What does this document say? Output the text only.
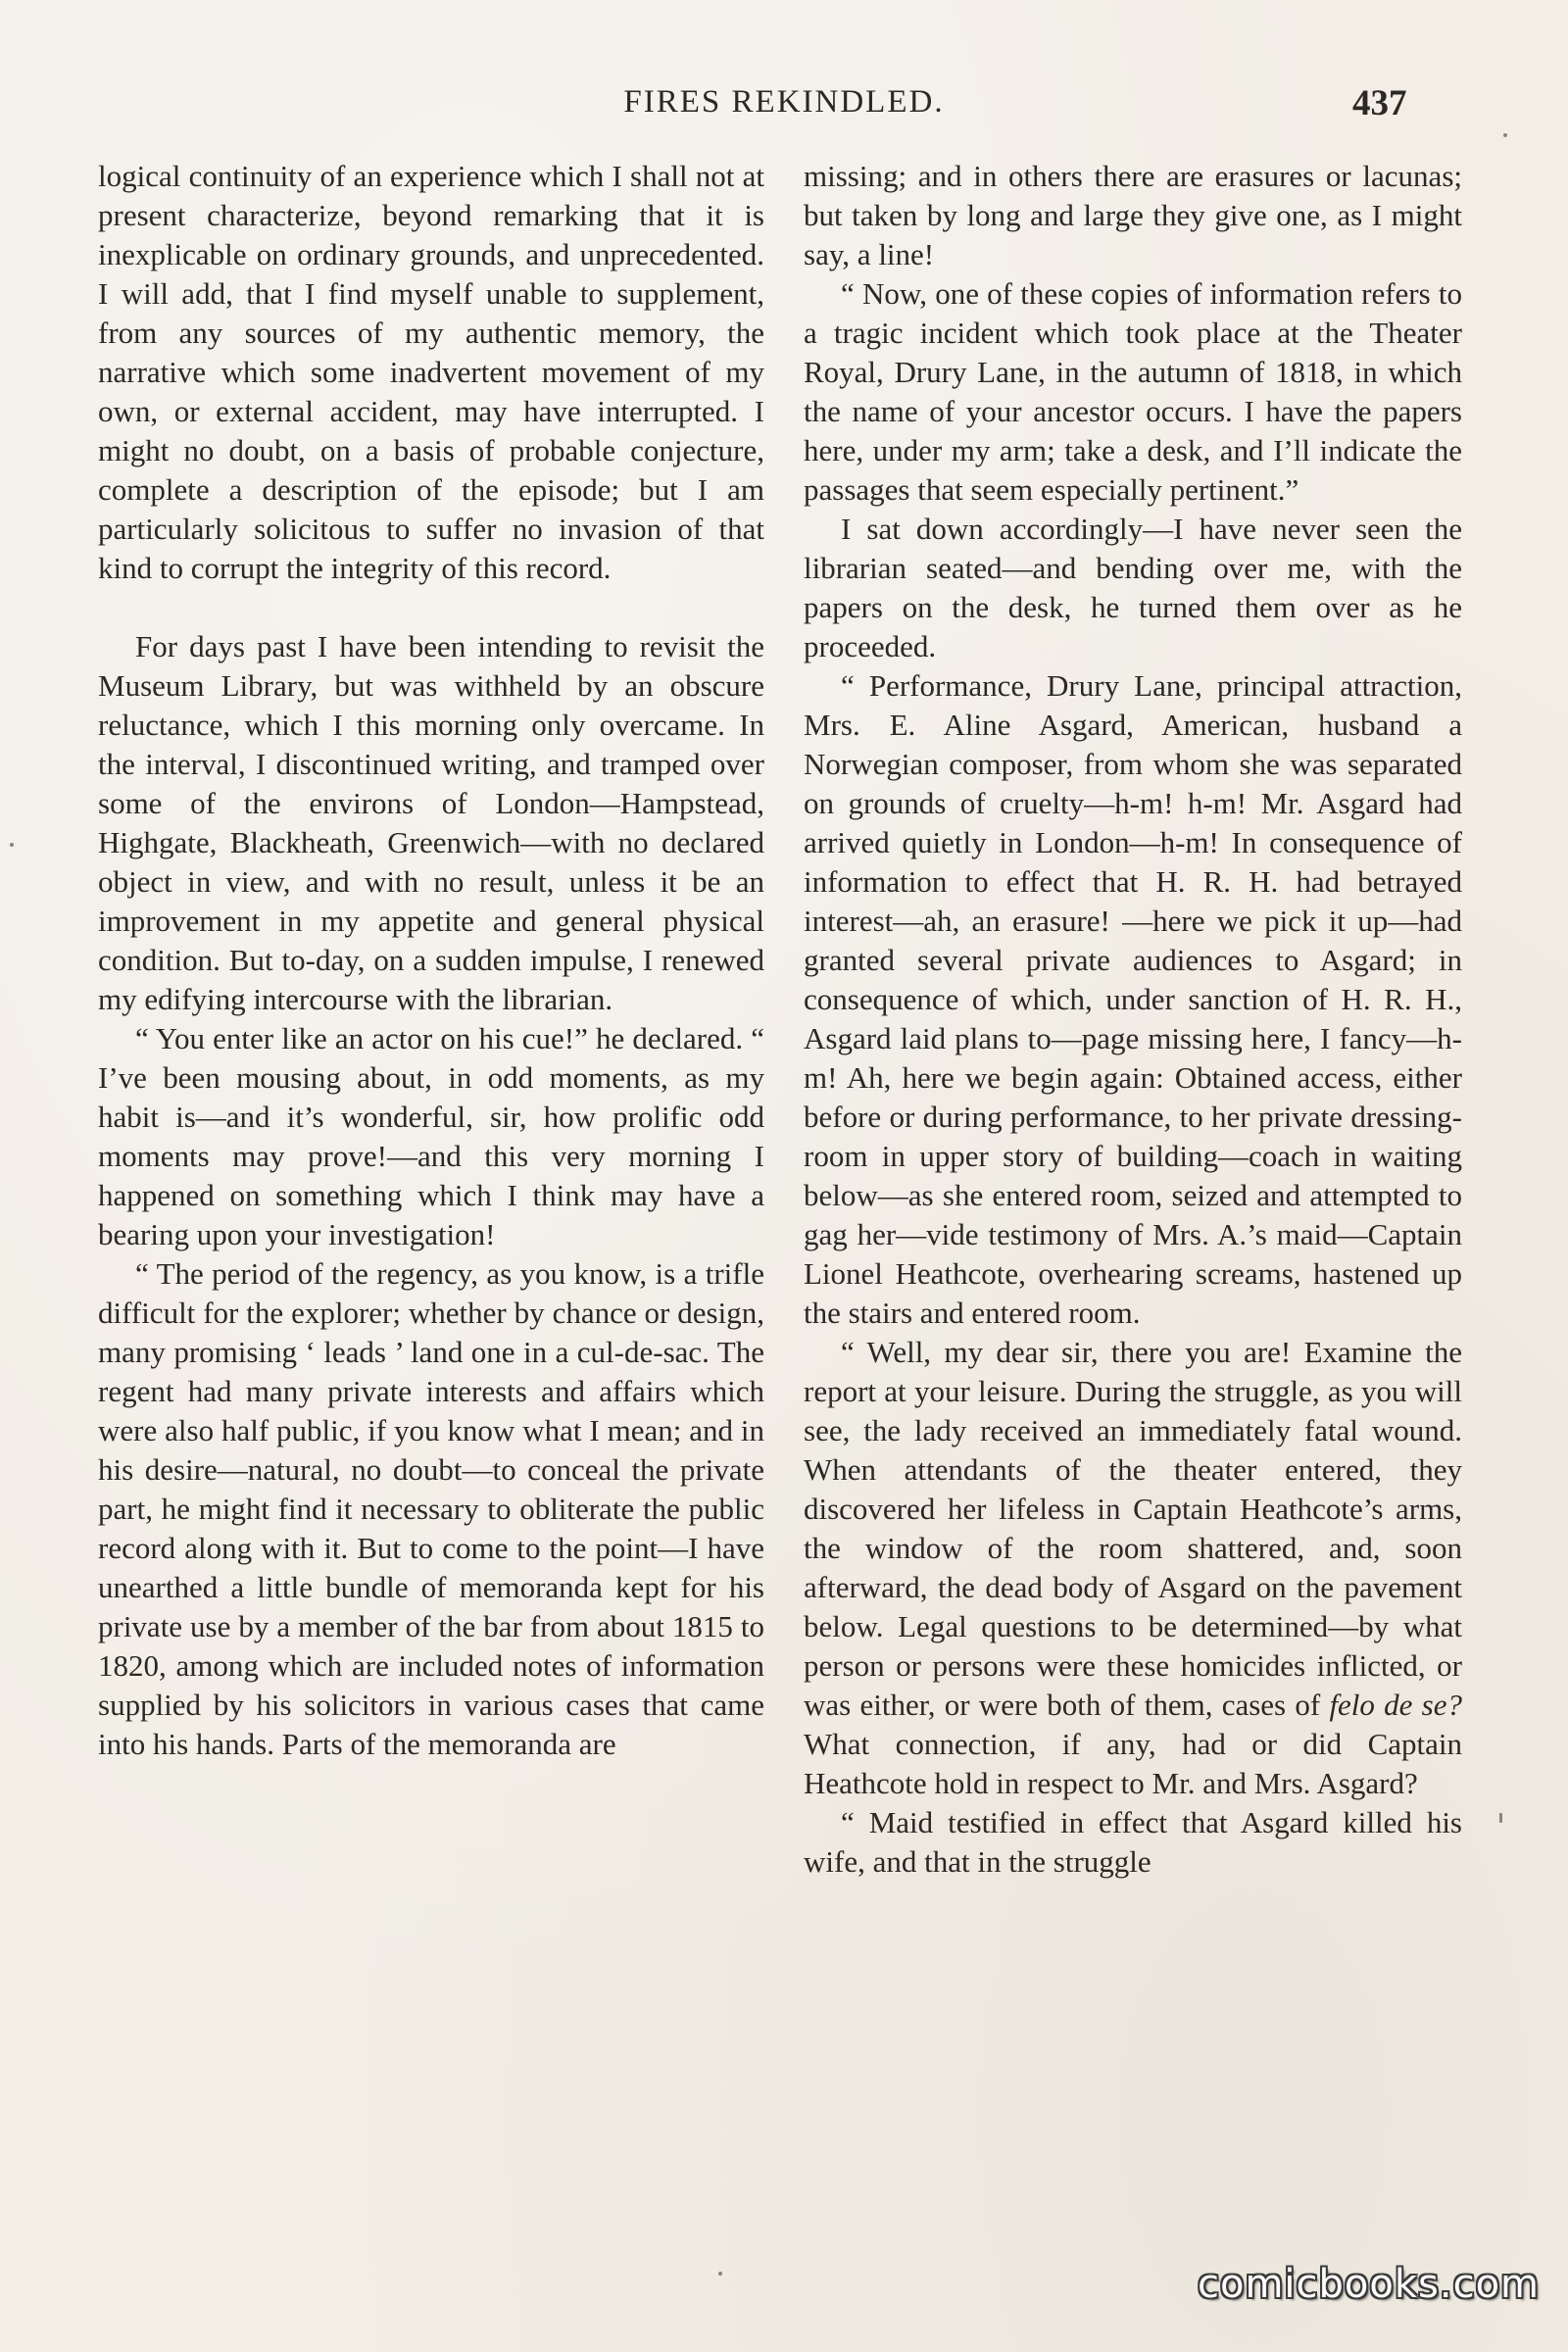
FIRES REKINDLED.	437

logical continuity of an experience which I shall not at present characterize, beyond remarking that it is inexplicable on ordinary grounds, and unprecedented. I will add, that I find myself unable to supplement, from any sources of my authentic memory, the narrative which some inadvertent movement of my own, or external accident, may have interrupted. I might no doubt, on a basis of probable conjecture, complete a description of the episode; but I am particularly solicitous to suffer no invasion of that kind to corrupt the integrity of this record.

For days past I have been intending to revisit the Museum Library, but was withheld by an obscure reluctance, which I this morning only overcame. In the interval, I discontinued writing, and tramped over some of the environs of London—Hampstead, Highgate, Blackheath, Greenwich—with no declared object in view, and with no result, unless it be an improvement in my appetite and general physical condition. But to-day, on a sudden impulse, I renewed my edifying intercourse with the librarian.

“ You enter like an actor on his cue!” he declared. “ I’ve been mousing about, in odd moments, as my habit is—and it’s wonderful, sir, how prolific odd moments may prove!—and this very morning I happened on something which I think may have a bearing upon your investigation!

“ The period of the regency, as you know, is a trifle difficult for the explorer; whether by chance or design, many promising ‘ leads ’ land one in a cul-de-sac. The regent had many private interests and affairs which were also half public, if you know what I mean; and in his desire—natural, no doubt—to conceal the private part, he might find it necessary to obliterate the public record along with it. But to come to the point—I have unearthed a little bundle of memoranda kept for his private use by a member of the bar from about 1815 to 1820, among which are included notes of information supplied by his solicitors in various cases that came into his hands. Parts of the memoranda are

missing; and in others there are erasures or lacunas; but taken by long and large they give one, as I might say, a line!

“ Now, one of these copies of information refers to a tragic incident which took place at the Theater Royal, Drury Lane, in the autumn of 1818, in which the name of your ancestor occurs. I have the papers here, under my arm; take a desk, and I’ll indicate the passages that seem especially pertinent.”

I sat down accordingly—I have never seen the librarian seated—and bending over me, with the papers on the desk, he turned them over as he proceeded.

“ Performance, Drury Lane, principal attraction, Mrs. E. Aline Asgard, American, husband a Norwegian composer, from whom she was separated on grounds of cruelty—h-m! h-m! Mr. Asgard had arrived quietly in London—h-m! In consequence of information to effect that H. R. H. had betrayed interest—ah, an erasure! —here we pick it up—had granted several private audiences to Asgard; in consequence of which, under sanction of H. R. H., Asgard laid plans to—page missing here, I fancy—h-m! Ah, here we begin again: Obtained access, either before or during performance, to her private dressing-room in upper story of building—coach in waiting below—as she entered room, seized and attempted to gag her—vide testimony of Mrs. A.’s maid—Captain Lionel Heathcote, overhearing screams, hastened up the stairs and entered room.

“ Well, my dear sir, there you are! Examine the report at your leisure. During the struggle, as you will see, the lady received an immediately fatal wound. When attendants of the theater entered, they discovered her lifeless in Captain Heathcote’s arms, the window of the room shattered, and, soon afterward, the dead body of Asgard on the pavement below. Legal questions to be determined—by what person or persons were these homicides inflicted, or was either, or were both of them, cases of felo de se? What connection, if any, had or did Captain Heathcote hold in respect to Mr. and Mrs. Asgard?

“ Maid testified in effect that Asgard killed his wife, and that in the struggle

comicbooks.com
